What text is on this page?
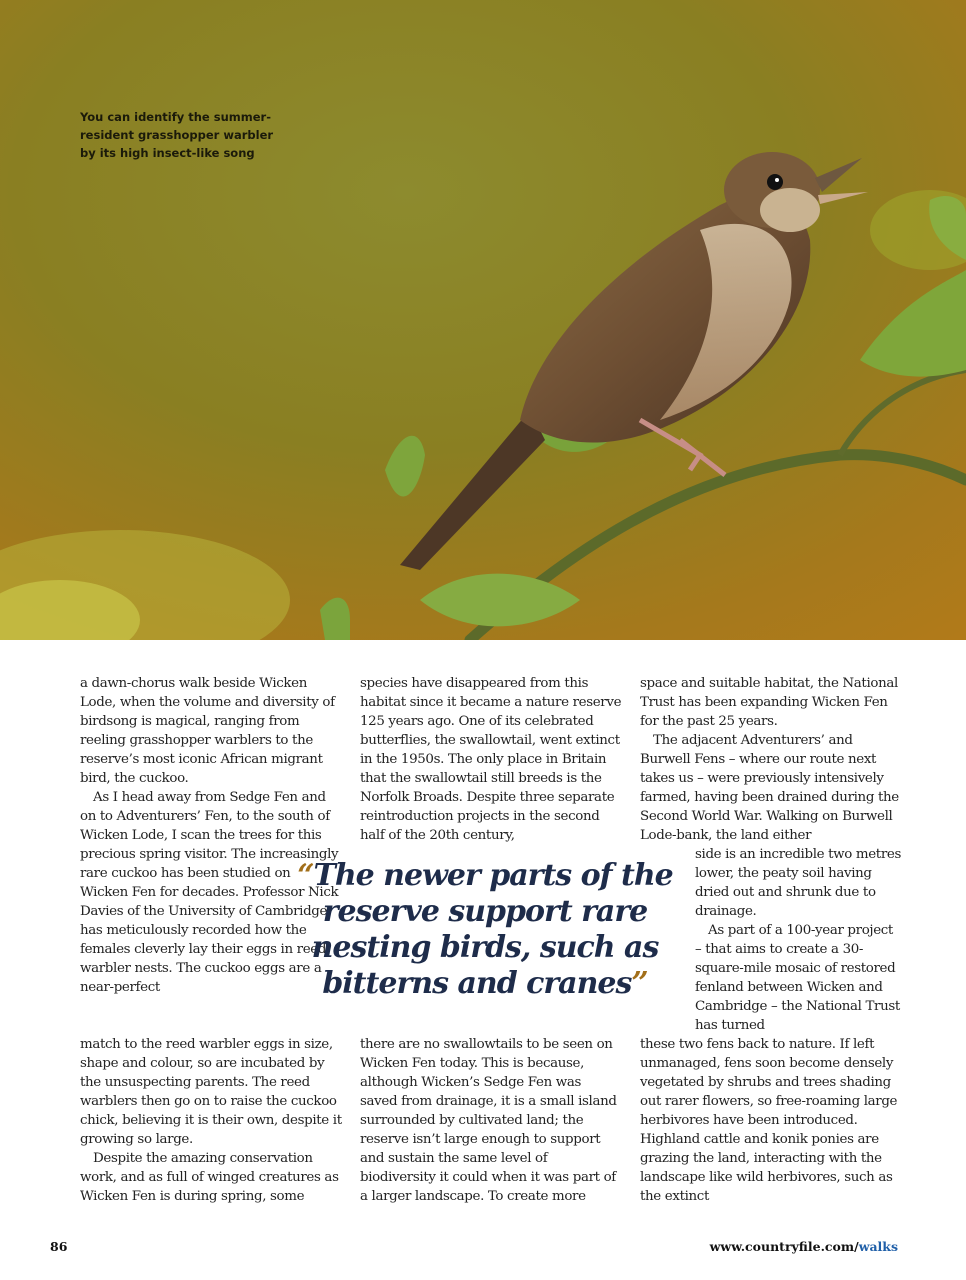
You can identify the summer-resident grasshopper warbler by its high insect-like song

a dawn-chorus walk beside Wicken Lode, when the volume and diversity of birdsong is magical, ranging from reeling grasshopper warblers to the reserve’s most iconic African migrant bird, the cuckoo.

As I head away from Sedge Fen and on to Adventurers’ Fen, to the south of Wicken Lode, I scan the trees for this precious spring visitor. The increasingly rare cuckoo has been studied on Wicken Fen for decades. Professor Nick Davies of the University of Cambridge has meticulously recorded how the females cleverly lay their eggs in reed warbler nests. The cuckoo eggs are a near-perfect

match to the reed warbler eggs in size, shape and colour, so are incubated by the unsuspecting parents. The reed warblers then go on to raise the cuckoo chick, believing it is their own, despite it growing so large.

Despite the amazing conservation work, and as full of winged creatures as Wicken Fen is during spring, some

species have disappeared from this habitat since it became a nature reserve 125 years ago. One of its celebrated butterflies, the swallowtail, went extinct in the 1950s. The only place in Britain that the swallowtail still breeds is the Norfolk Broads. Despite three separate reintroduction projects in the second half of the 20th century,

there are no swallowtails to be seen on Wicken Fen today. This is because, although Wicken’s Sedge Fen was saved from drainage, it is a small island surrounded by cultivated land; the reserve isn’t large enough to support and sustain the same level of biodiversity it could when it was part of a larger landscape. To create more

space and suitable habitat, the National Trust has been expanding Wicken Fen for the past 25 years.

The adjacent Adventurers’ and Burwell Fens – where our route next takes us – were previously intensively farmed, having been drained during the Second World War. Walking on Burwell Lode-bank, the land either

side is an incredible two metres lower, the peaty soil having dried out and shrunk due to drainage.

As part of a 100-year project – that aims to create a 30-square-mile mosaic of restored fenland between Wicken and Cambridge – the National Trust has turned

these two fens back to nature. If left unmanaged, fens soon become densely vegetated by shrubs and trees shading out rarer flowers, so free-roaming large herbivores have been introduced. Highland cattle and konik ponies are grazing the land, interacting with the landscape like wild herbivores, such as the extinct

“The newer parts of the reserve support rare nesting birds, such as bitterns and cranes”
86	www.countryfile.com/walks
